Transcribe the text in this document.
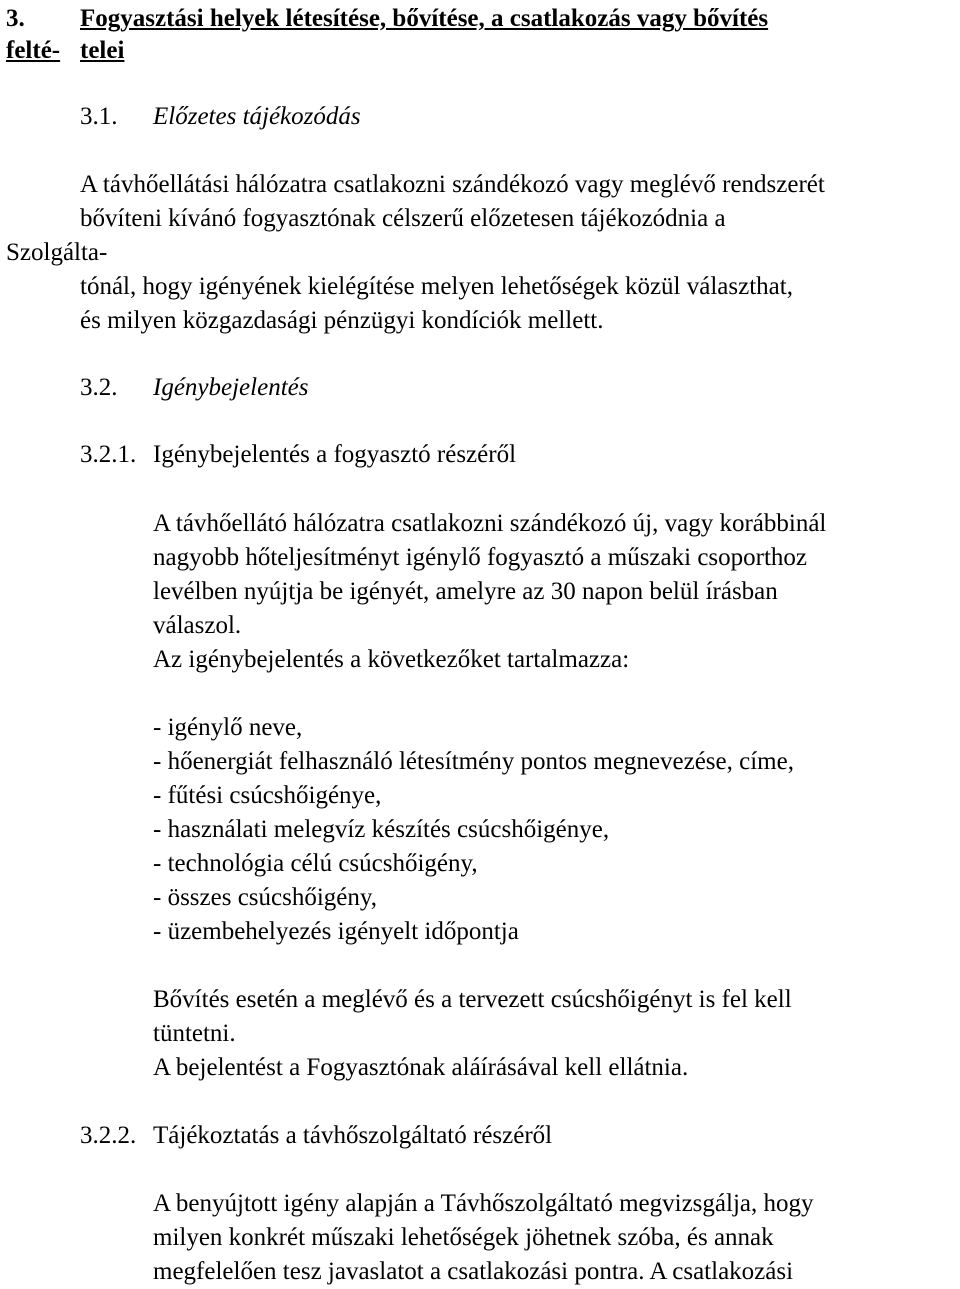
3. Fogyasztási helyek létesítése, bővítése, a csatlakozás vagy bővítés
felté- telei
3.1. Előzetes tájékozódás
A távhőellátási hálózatra csatlakozni szándékozó vagy meglévő rendszerét
bővíteni kívánó fogyasztónak célszerű előzetesen tájékozódnia a
Szolgálta-
tónál, hogy igényének kielégítése melyen lehetőségek közül választhat,
és milyen közgazdasági pénzügyi kondíciók mellett.
3.2. Igénybejelentés
3.2.1. Igénybejelentés a fogyasztó részéről
A távhőellátó hálózatra csatlakozni szándékozó új, vagy korábbinál
nagyobb hőteljesítményt igénylő fogyasztó a műszaki csoporthoz
levélben nyújtja be igényét, amelyre az 30 napon belül írásban
válaszol.
Az igénybejelentés a következőket tartalmazza:
- igénylő neve,
- hőenergiát felhasználó létesítmény pontos megnevezése, címe,
- fűtési csúcshőigénye,
- használati melegvíz készítés csúcshőigénye,
- technológia célú csúcshőigény,
- összes csúcshőigény,
- üzembehelyezés igényelt időpontja
Bővítés esetén a meglévő és a tervezett csúcshőigényt is fel kell
tüntetni.
A bejelentést a Fogyasztónak aláírásával kell ellátnia.
3.2.2. Tájékoztatás a távhőszolgáltató részéről
A benyújtott igény alapján a Távhőszolgáltató megvizsgálja, hogy
milyen konkrét műszaki lehetőségek jöhetnek szóba, és annak
megfelelően tesz javaslatot a csatlakozási pontra. A csatlakozási
